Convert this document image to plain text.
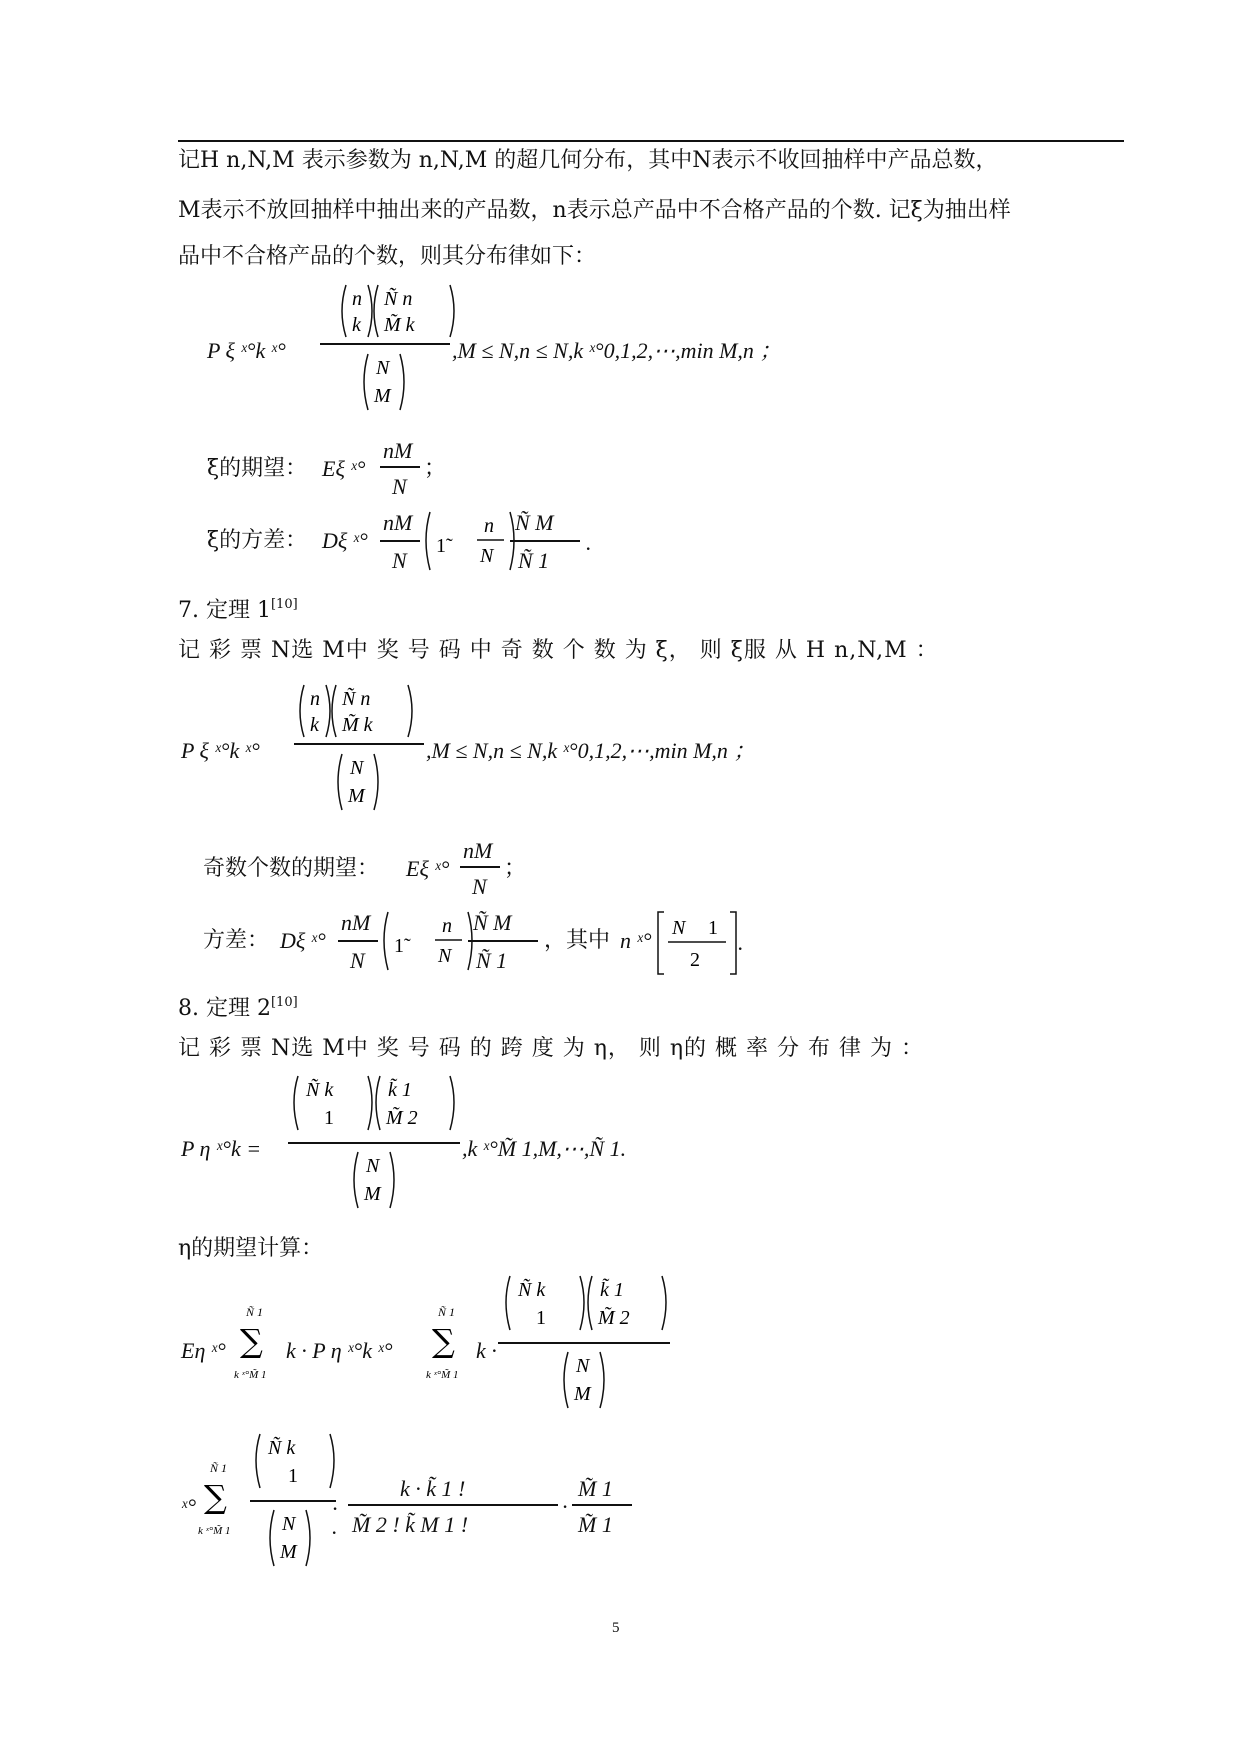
记H n,N,M 表示参数为 n,N,M 的超几何分布，其中N表示不收回抽样中产品总数，
M表示不放回抽样中抽出来的产品数，n表示总产品中不合格产品的个数. 记ξ为抽出样
品中不合格产品的个数，则其分布律如下：
P ξ ˣ°k ˣ°
n
k
Ñ n
M̃ k
N
M
,M ≤ N,n ≤ N,k ˣ°0,1,2,⋯,min M,n ；
ξ的期望： Eξ ˣ°
nM
N
；
ξ的方差： Dξ ˣ°
nM
N
1̃
n
N
Ñ M
Ñ 1
.
7. 定理 1[10]
记 彩 票 N选 M中 奖 号 码 中 奇 数 个 数 为 ξ， 则 ξ服 从 H n,N,M ：
P ξ ˣ°k ˣ°
n
k
Ñ n
M̃ k
N
M
,M ≤ N,n ≤ N,k ˣ°0,1,2,⋯,min M,n ；
奇数个数的期望： Eξ ˣ°
nM
N
；
方差： Dξ ˣ°
nM
N
1̃
n
N
Ñ M
Ñ 1
，其中 n ˣ° N 1
2
.
8. 定理 2[10]
记 彩 票 N选 M中 奖 号 码 的 跨 度 为 η， 则 η的 概 率 分 布 律 为 ：
P η ˣ°k =
Ñ k
1
k̃ 1
M̃ 2
N
M
,k ˣ°M̃ 1,M,⋯,Ñ 1.
η的期望计算：
Eη ˣ°
Ñ 1
∑
k ˣ°M̃ 1
k · P η ˣ°k ˣ°
Ñ 1
∑
k ˣ°M̃ 1
k ·
Ñ k
1
k̃ 1
M̃ 2
N
M
ˣ°
Ñ 1
∑
k ˣ°M̃ 1
Ñ k
1
N
M
·
.
k · k̃ 1 !
M̃ 2 ! k̃ M 1 !
·
M̃ 1
M̃ 1
5
